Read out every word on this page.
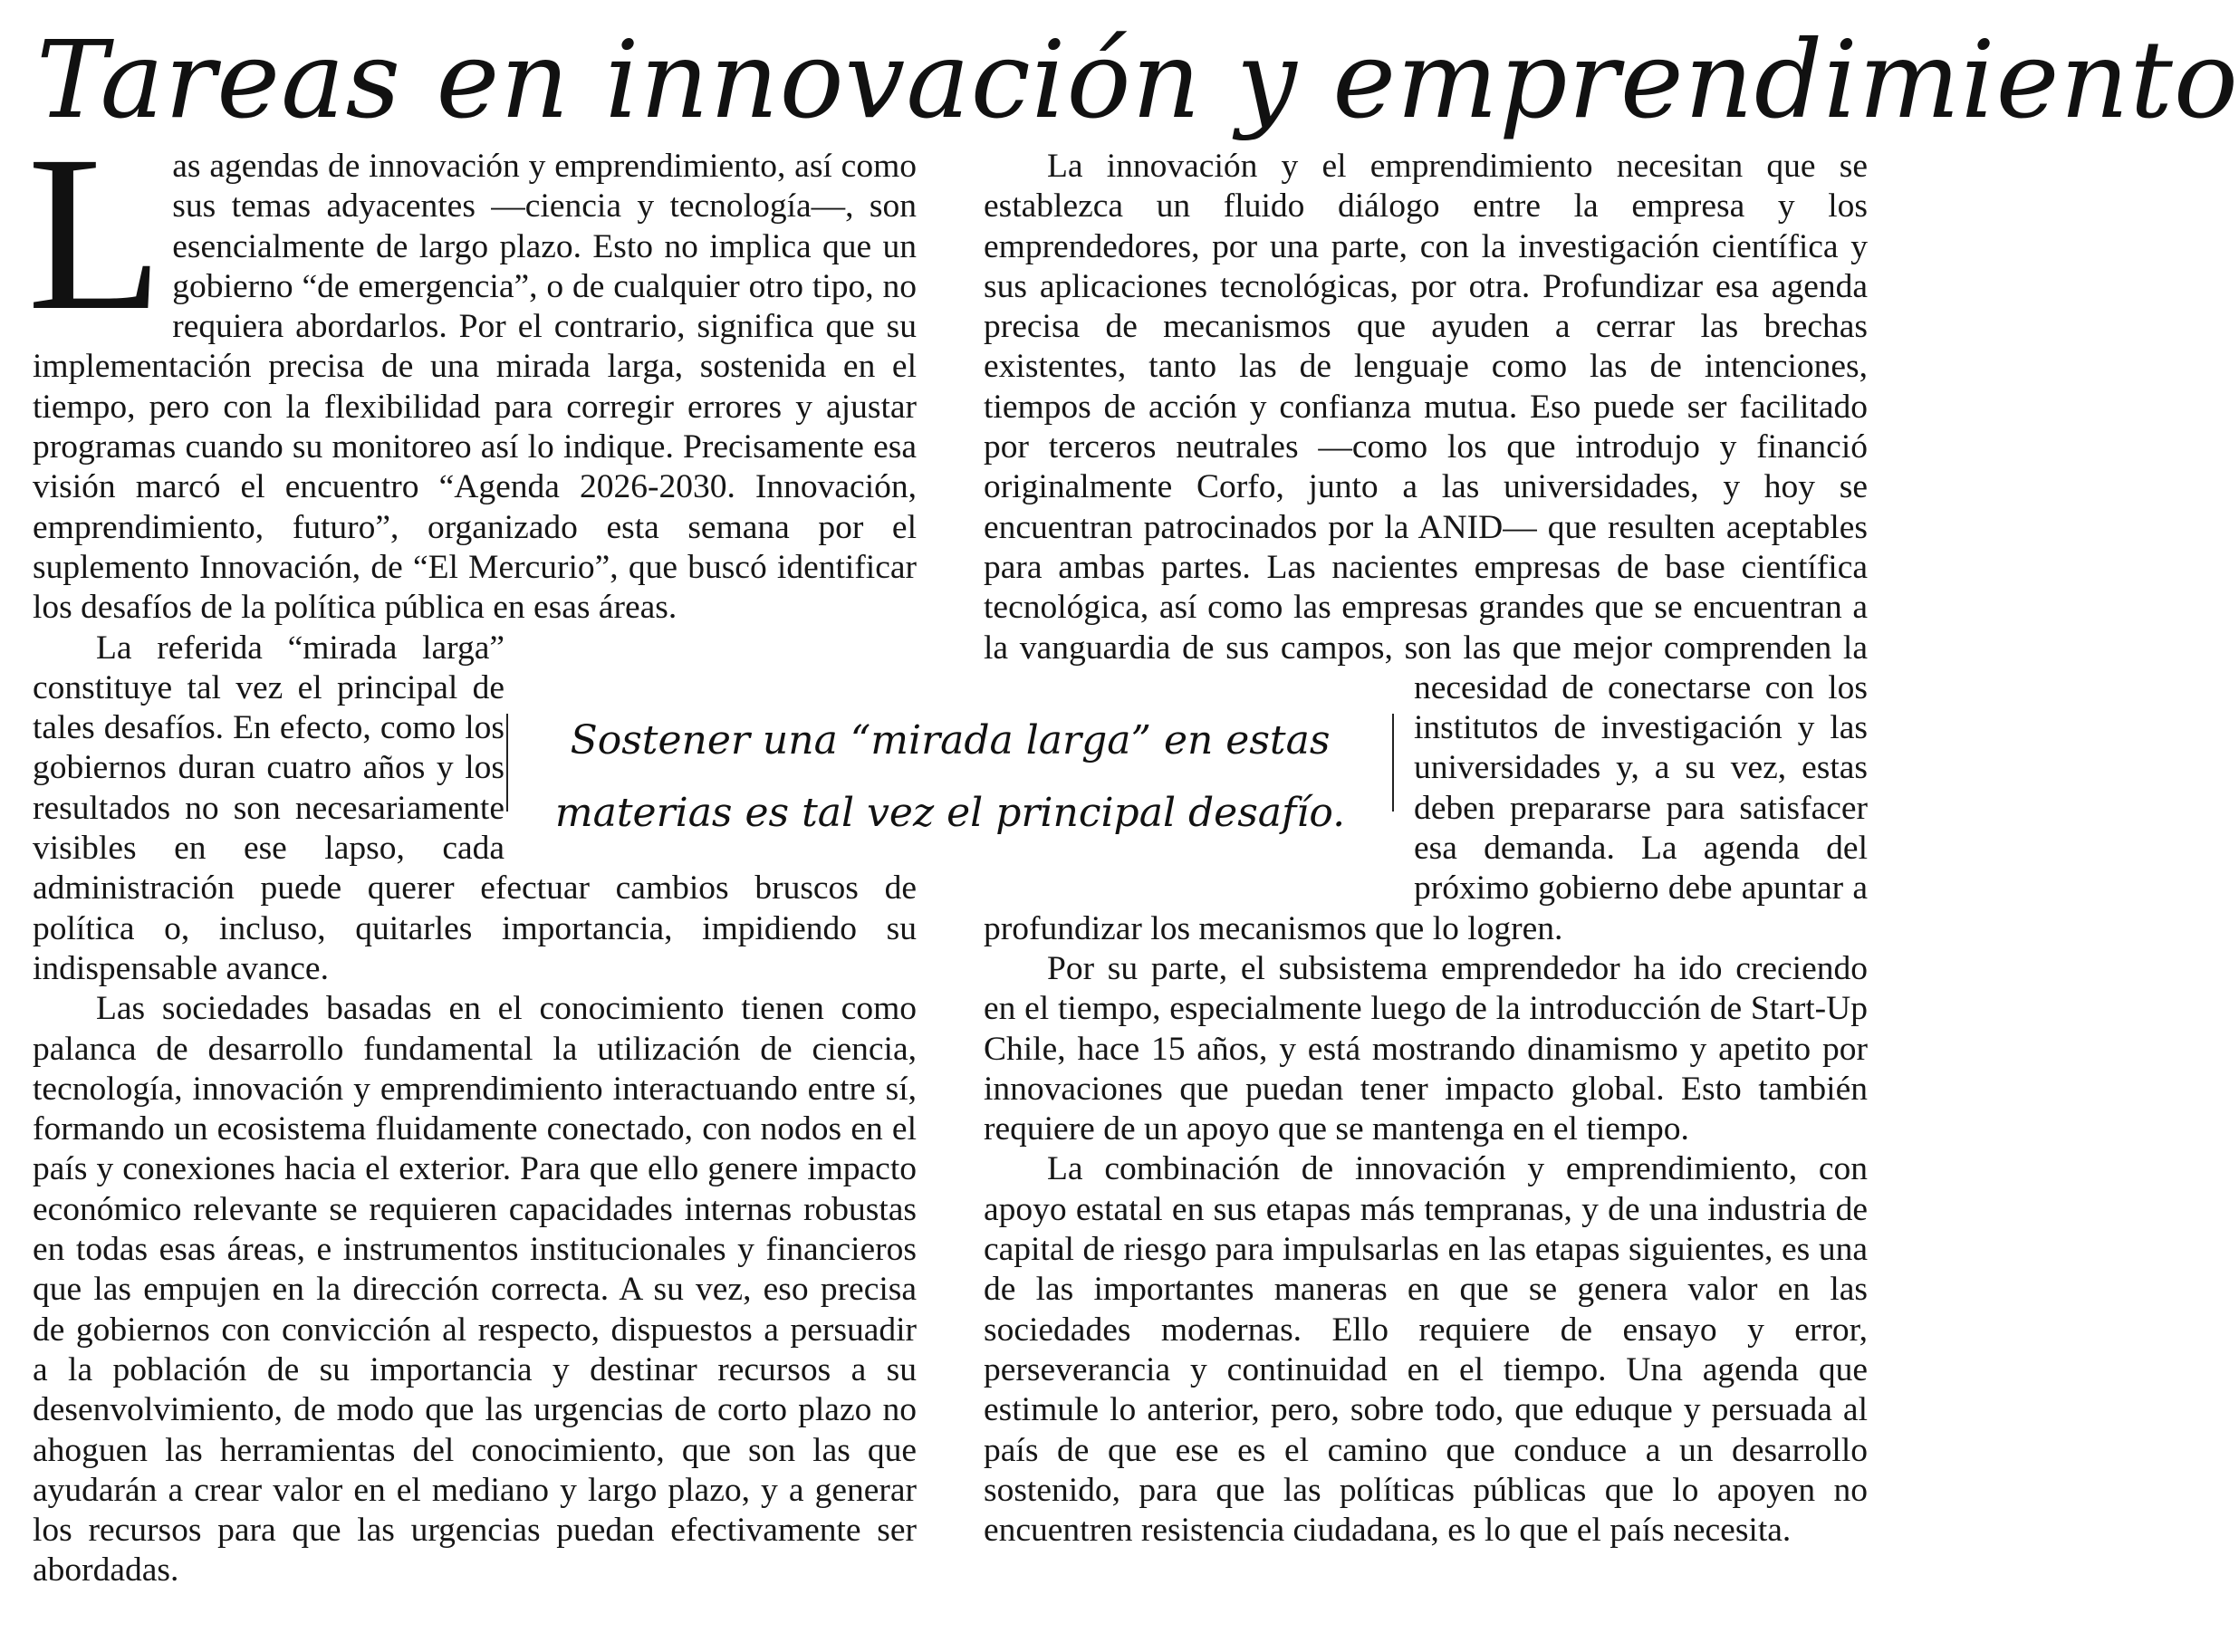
Tareas en innovación y emprendimiento

Las agendas de innovación y emprendimiento, así como sus temas adyacentes —ciencia y tecnología—, son esencialmente de largo plazo. Esto no implica que un gobierno “de emergencia”, o de cualquier otro tipo, no requiera abordarlos. Por el contrario, significa que su implementación precisa de una mirada larga, sostenida en el tiempo, pero con la flexibilidad para corregir errores y ajustar programas cuando su monitoreo así lo indique. Precisamente esa visión marcó el encuentro “Agenda 2026-2030. Innovación, emprendimiento, futuro”, organizado esta semana por el suplemento Innovación, de “El Mercurio”, que buscó identificar los desafíos de la política pública en esas áreas.

La referida “mirada larga” constituye tal vez el principal de tales desafíos. En efecto, como los gobiernos duran cuatro años y los resultados no son necesariamente visibles en ese lapso, cada administración puede querer efectuar cambios bruscos de política o, incluso, quitarles importancia, impidiendo su indispensable avance.

Las sociedades basadas en el conocimiento tienen como palanca de desarrollo fundamental la utilización de ciencia, tecnología, innovación y emprendimiento interactuando entre sí, formando un ecosistema fluidamente conectado, con nodos en el país y conexiones hacia el exterior. Para que ello genere impacto económico relevante se requieren capacidades internas robustas en todas esas áreas, e instrumentos institucionales y financieros que las empujen en la dirección correcta. A su vez, eso precisa de gobiernos con convicción al respecto, dispuestos a persuadir a la población de su importancia y destinar recursos a su desenvolvimiento, de modo que las urgencias de corto plazo no ahoguen las herramientas del conocimiento, que son las que ayudarán a crear valor en el mediano y largo plazo, y a generar los recursos para que las urgencias puedan efectivamente ser abordadas.

La innovación y el emprendimiento necesitan que se establezca un fluido diálogo entre la empresa y los emprendedores, por una parte, con la investigación científica y sus aplicaciones tecnológicas, por otra. Profundizar esa agenda precisa de mecanismos que ayuden a cerrar las brechas existentes, tanto las de lenguaje como las de intenciones, tiempos de acción y confianza mutua. Eso puede ser facilitado por terceros neutrales —como los que introdujo y financió originalmente Corfo, junto a las universidades, y hoy se encuentran patrocinados por la ANID— que resulten aceptables para ambas partes. Las nacientes empresas de base científica tecnológica, así como las empresas grandes que se encuentran a la vanguardia de sus campos, son las que mejor comprenden la necesidad de conectarse con los institutos de investigación y las universidades y, a su vez, estas deben prepararse para satisfacer esa demanda. La agenda del próximo gobierno debe apuntar a profundizar los mecanismos que lo logren.

Por su parte, el subsistema emprendedor ha ido creciendo en el tiempo, especialmente luego de la introducción de Start-Up Chile, hace 15 años, y está mostrando dinamismo y apetito por innovaciones que puedan tener impacto global. Esto también requiere de un apoyo que se mantenga en el tiempo.

La combinación de innovación y emprendimiento, con apoyo estatal en sus etapas más tempranas, y de una industria de capital de riesgo para impulsarlas en las etapas siguientes, es una de las importantes maneras en que se genera valor en las sociedades modernas. Ello requiere de ensayo y error, perseverancia y continuidad en el tiempo. Una agenda que estimule lo anterior, pero, sobre todo, que eduque y persuada al país de que ese es el camino que conduce a un desarrollo sostenido, para que las políticas públicas que lo apoyen no encuentren resistencia ciudadana, es lo que el país necesita.

Sostener una “mirada larga” en estas materias es tal vez el principal desafío.
